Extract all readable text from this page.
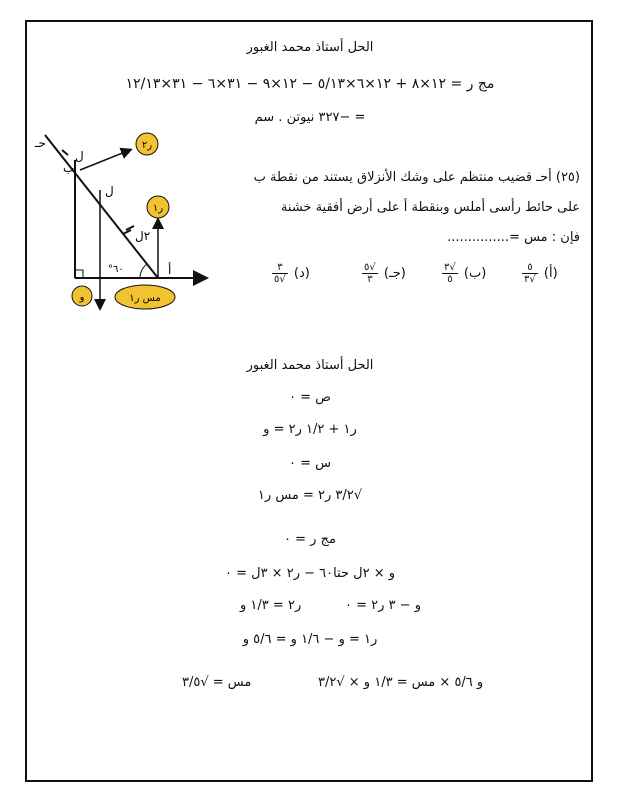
الحل أستاذ محمد الغبور
مج ر = ١٢×٨ + ١٢×٦×٥/١٣ − ١٢×٩ − ٣١×٦ − ٣١×١٢/١٣
= −٣٢٧ نيوتن . سم
(٢٥) أحـ قضيب منتظم على وشك الأنزلاق يستند من نقطة ب
على حائط رأسى أملس وبنقطة أ على أرض أفقية خشنة
فإن : مس =...............
(أ)
$\frac{٥}{√٣}$
(ب)
$\frac{√٣}{٥}$
(جـ)
$\frac{√٥}{٣}$
(د)
$\frac{٣}{√٥}$
حـ
ب
ل
ل
٢ل
أ
°٦٠
ر٢
ر١
و	مس ر١
الحل أستاذ محمد الغبور
ص = ٠
ر١ + ١/٢ ر٢ = و
س = ٠
√٣/٢ ر٢ = مس ر١
مج ر = ٠
و × ٢ل حتا٦٠ − ر٢ × ٣ل = ٠
ر٢ = ١/٣ و	و − ٣ ر٢ = ٠
ر١ = و − ١/٦ و = ٥/٦ و
و ٥/٦ × مس = ١/٣ و × √٣/٢
مس = √٣/٥
